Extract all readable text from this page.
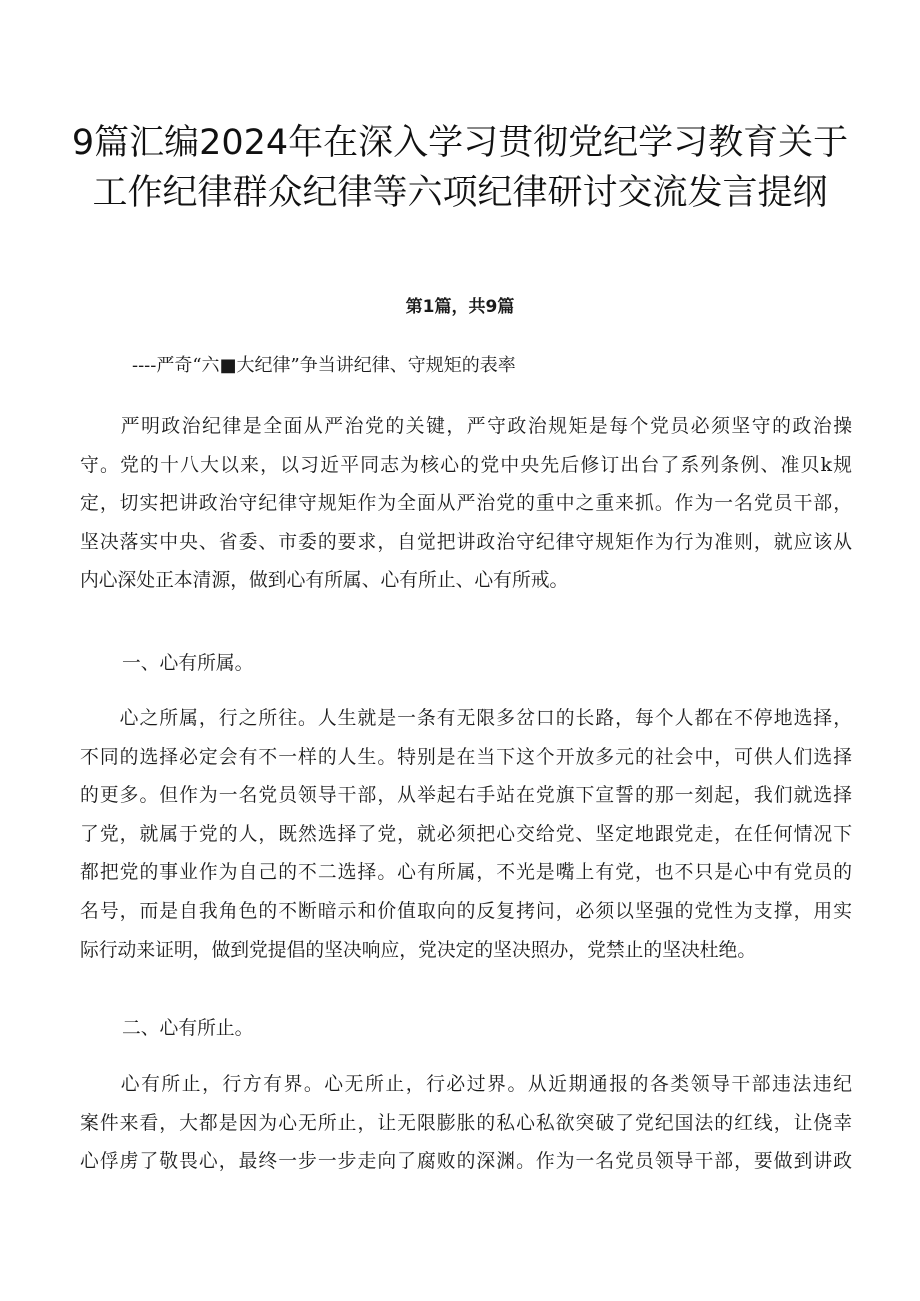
9篇汇编2024年在深入学习贯彻党纪学习教育关于
工作纪律群众纪律等六项纪律研讨交流发言提纲
第1篇，共9篇
----严奇“六■大纪律”争当讲纪律、守规矩的表率
　　严明政治纪律是全面从严治党的关键，严守政治规矩是每个党员必须坚守的政治操
守。党的十八大以来，以习近平同志为核心的党中央先后修订出台了系列条例、准贝k规
定，切实把讲政治守纪律守规矩作为全面从严治党的重中之重来抓。作为一名党员干部，
坚决落实中央、省委、市委的要求，自觉把讲政治守纪律守规矩作为行为准则，就应该从
内心深处正本清源，做到心有所属、心有所止、心有所戒。
一、心有所属。
　　心之所属，行之所往。人生就是一条有无限多岔口的长路，每个人都在不停地选择，
不同的选择必定会有不一样的人生。特别是在当下这个开放多元的社会中，可供人们选择
的更多。但作为一名党员领导干部，从举起右手站在党旗下宣誓的那一刻起，我们就选择
了党，就属于党的人，既然选择了党，就必须把心交给党、坚定地跟党走，在任何情况下
都把党的事业作为自己的不二选择。心有所属，不光是嘴上有党，也不只是心中有党员的
名号，而是自我角色的不断暗示和价值取向的反复拷问，必须以坚强的党性为支撑，用实
际行动来证明，做到党提倡的坚决响应，党决定的坚决照办，党禁止的坚决杜绝。
二、心有所止。
　　心有所止，行方有界。心无所止，行必过界。从近期通报的各类领导干部违法违纪
案件来看，大都是因为心无所止，让无限膨胀的私心私欲突破了党纪国法的红线，让侥幸
心俘虏了敬畏心，最终一步一步走向了腐败的深渊。作为一名党员领导干部，要做到讲政
